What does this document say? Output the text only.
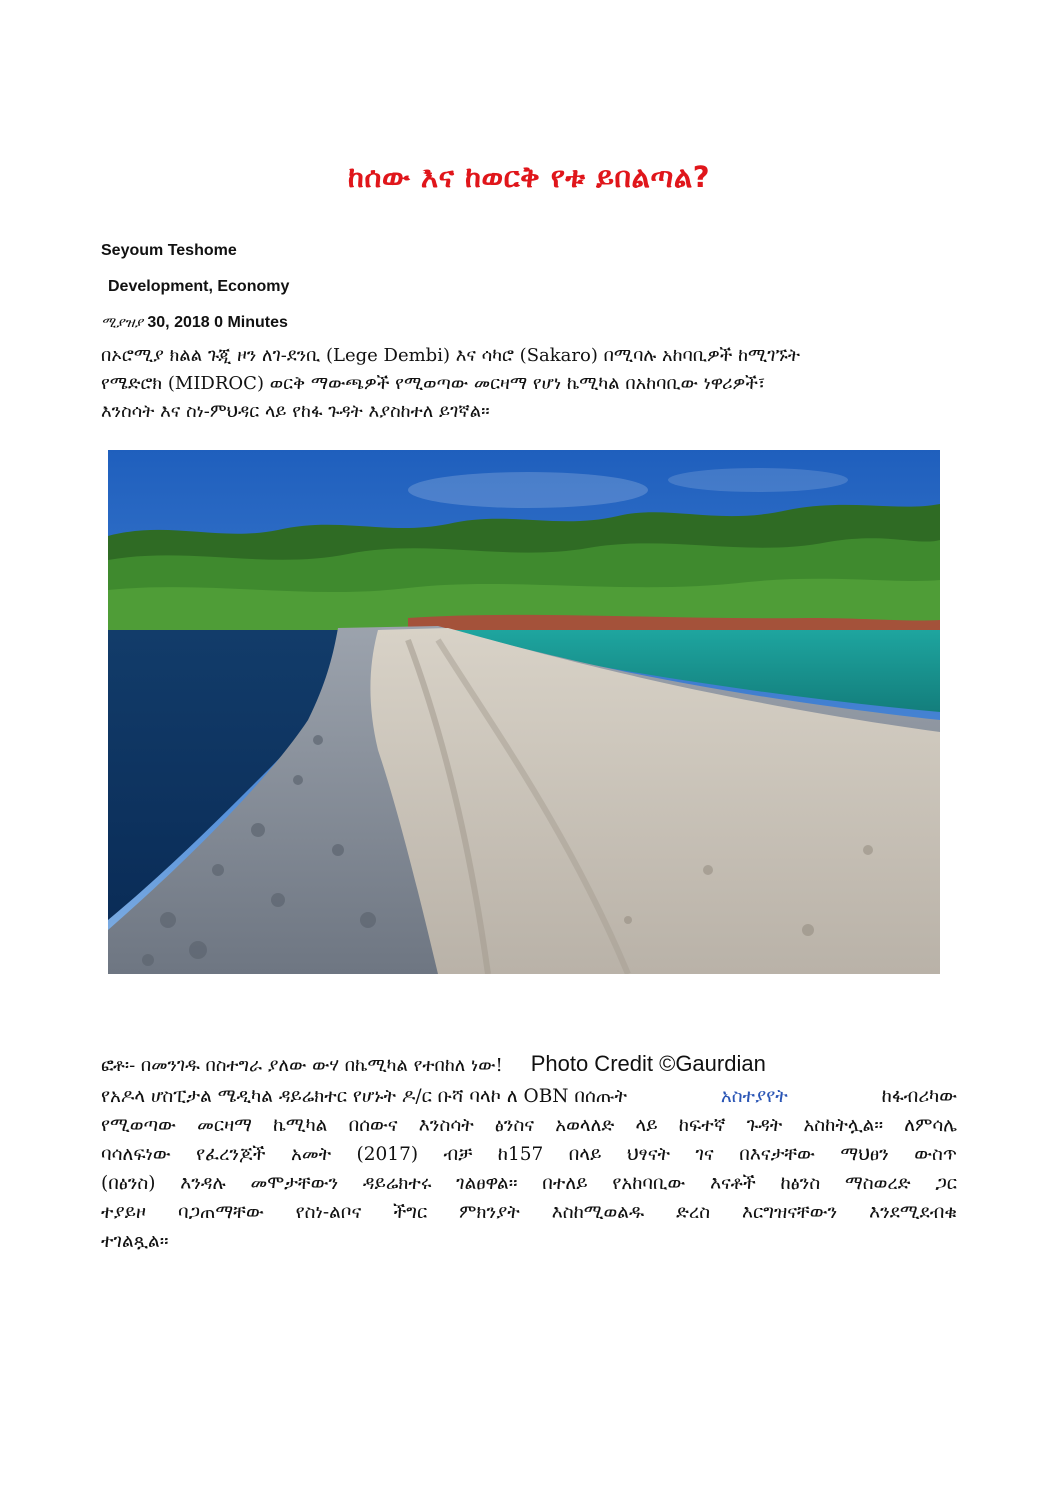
ከሰው እና ከወርቅ የቱ ይበልጣል?
Seyoum Teshome
Development, Economy
ሚያዝያ 30, 2018 0 Minutes

በኦሮሚያ ክልል ጉጂ ዞን ለገ-ደንቢ (Lege Dembi) እና ሳካሮ (Sakaro) በሚባሉ አከባቢዎች ከሚገኙት

የሜድሮክ (MIDROC) ወርቅ ማውጫዎች የሚወጣው መርዛማ የሆነ ኬሚካል በአከባቢው ነዋሪዎች፣

እንስሳት እና ስነ-ምህዳር ላይ የከፋ ጉዳት እያስከተለ ይገኛል፡፡

ፎቶ፡- በመንገዱ በስተግራ ያለው ውሃ በኬሚካል የተበከለ ነው! Photo Credit ©Gaurdian
የአዶላ ሆስፒታል ሜዲካል ዳይሬክተር የሆኑት ዶ/ር ቡሻ ባላኮ ለ OBN በሰጡት	አስተያየት	ከፋብሪካው

የሚወጣው መርዛማ ኬሚካል በሰውና እንስሳት ፅንስና አወላለድ ላይ ከፍተኛ ጉዳት አስከትሏል፡፡ ለምሳሌ

ባሳለፍነው የፈረንጆች አመት (2017) ብቻ ከ157 በላይ ህፃናት ገና በእናታቸው ማህፀን ውስጥ

(በፅንስ) እንዳሉ መሞታቸውን ዳይሬክተሩ ገልፀዋል፡፡ በተለይ የአከባቢው እናቶች ከፅንስ ማስወረድ ጋር

ተያይዞ ባጋጠማቸው የስነ-ልቦና ችግር ምክንያት እስከሚወልዱ ድረስ እርግዝናቸውን እንደሚደብቁ

ተገልጿል፡፡
